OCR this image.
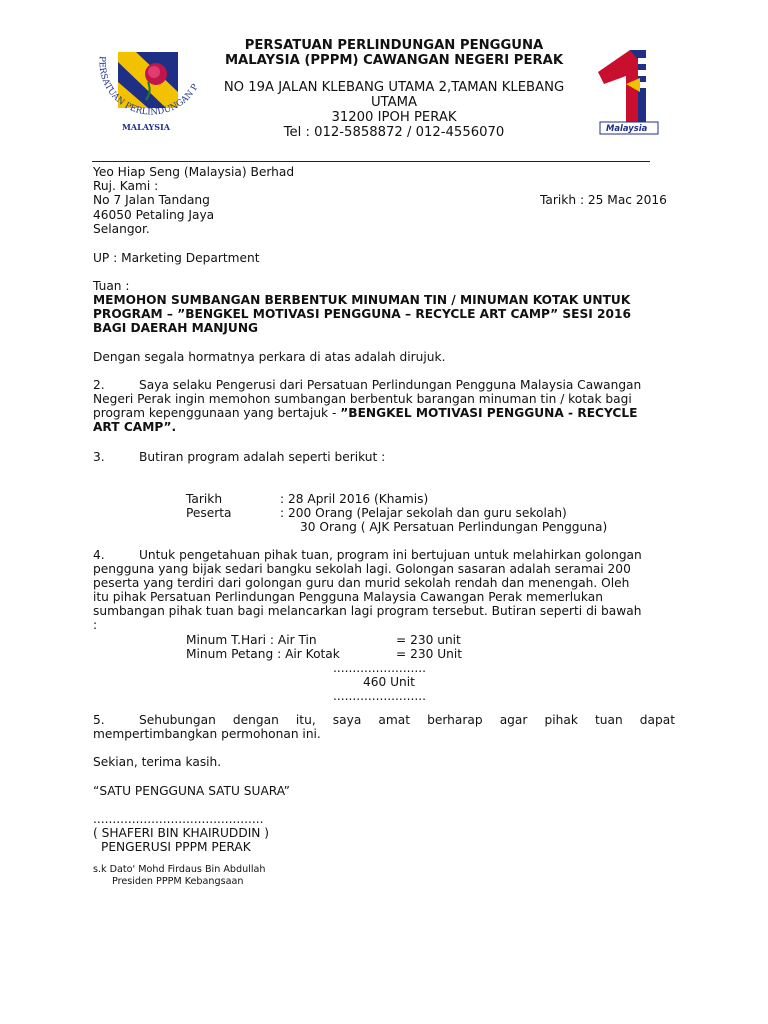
PERSATUAN PERLINDUNGAN P
MALAYSIA	Malaysia
PERSATUAN PERLINDUNGAN PENGGUNA
MALAYSIA (PPPM) CAWANGAN NEGERI PERAK
NO 19A JALAN KLEBANG UTAMA 2,TAMAN KLEBANG
UTAMA
31200 IPOH PERAK
Tel : 012-5858872 / 012-4556070
Yeo Hiap Seng (Malaysia) Berhad
Ruj. Kami :
No 7 Jalan Tandang	Tarikh : 25 Mac 2016
46050 Petaling Jaya
Selangor.
UP : Marketing Department
Tuan :
MEMOHON SUMBANGAN BERBENTUK MINUMAN TIN / MINUMAN KOTAK UNTUK
PROGRAM – ”BENGKEL MOTIVASI PENGGUNA – RECYCLE ART CAMP” SESI 2016
BAGI DAERAH MANJUNG
Dengan segala hormatnya perkara di atas adalah dirujuk.
2.	Saya selaku Pengerusi dari Persatuan Perlindungan Pengguna Malaysia Cawangan
Negeri Perak ingin memohon sumbangan berbentuk barangan minuman tin / kotak bagi
program kepenggunaan yang bertajuk - ”BENGKEL MOTIVASI PENGGUNA - RECYCLE
ART CAMP”.
3.	Butiran program adalah seperti berikut :
Tarikh	: 28 April 2016 (Khamis)
Peserta	: 200 Orang (Pelajar sekolah dan guru sekolah)
30 Orang ( AJK Persatuan Perlindungan Pengguna)
4.	Untuk pengetahuan pihak tuan, program ini bertujuan untuk melahirkan golongan
pengguna yang bijak sedari bangku sekolah lagi. Golongan sasaran adalah seramai 200
peserta yang terdiri dari golongan guru dan murid sekolah rendah dan menengah. Oleh
itu pihak Persatuan Perlindungan Pengguna Malaysia Cawangan Perak memerlukan
sumbangan pihak tuan bagi melancarkan lagi program tersebut. Butiran seperti di bawah
:
Minum T.Hari : Air Tin	= 230 unit
Minum Petang : Air Kotak	= 230 Unit
........................
460 Unit
........................
5.	Sehubungan dengan itu, saya amat berharap agar pihak tuan dapat
mempertimbangkan permohonan ini.
Sekian, terima kasih.
“SATU PENGGUNA SATU SUARA”
............................................
( SHAFERI BIN KHAIRUDDIN )
PENGERUSI PPPM PERAK
s.k Dato' Mohd Firdaus Bin Abdullah
Presiden PPPM Kebangsaan
